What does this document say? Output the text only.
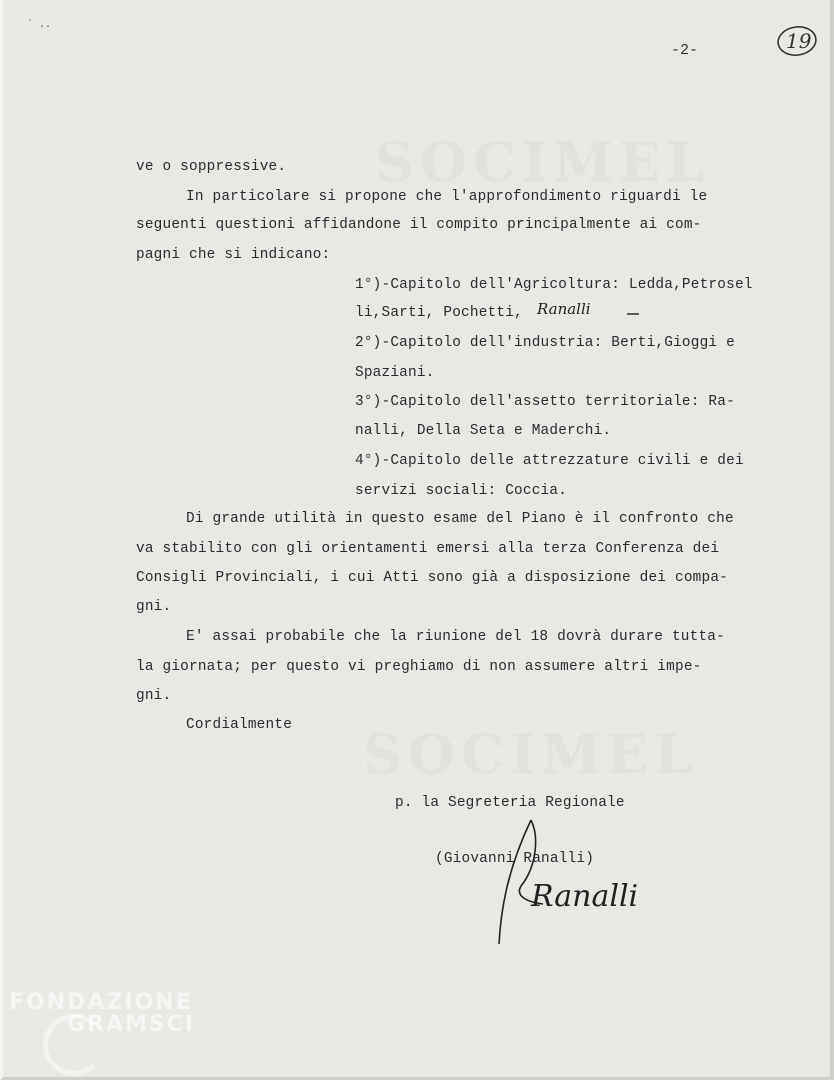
˙ ..
SOCIMEL
SOCIMEL
-2-	19
ve o soppressive.
In particolare si propone che l'approfondimento riguardi le
seguenti questioni affidandone il compito principalmente ai com-
pagni che si indicano:
1°)-Capitolo dell'Agricoltura: Ledda,Petrosel
li,Sarti, Pochetti, Ranalli
2°)-Capitolo dell'industria: Berti,Gioggi e
Spaziani.
3°)-Capitolo dell'assetto territoriale: Ra-
nalli, Della Seta e Maderchi.
4°)-Capitolo delle attrezzature civili e dei
servizi sociali: Coccia.
Di grande utilità in questo esame del Piano è il confronto che
va stabilito con gli orientamenti emersi alla terza Conferenza dei
Consigli Provinciali, i cui Atti sono già a disposizione dei compa-
gni.
E' assai probabile che la riunione del 18 dovrà durare tutta-
la giornata; per questo vi preghiamo di non assumere altri impe-
gni.
Cordialmente
p. la Segreteria Regionale
(Giovanni Ranalli)
Ranalli
FONDAZIONE
GRAMSCI
